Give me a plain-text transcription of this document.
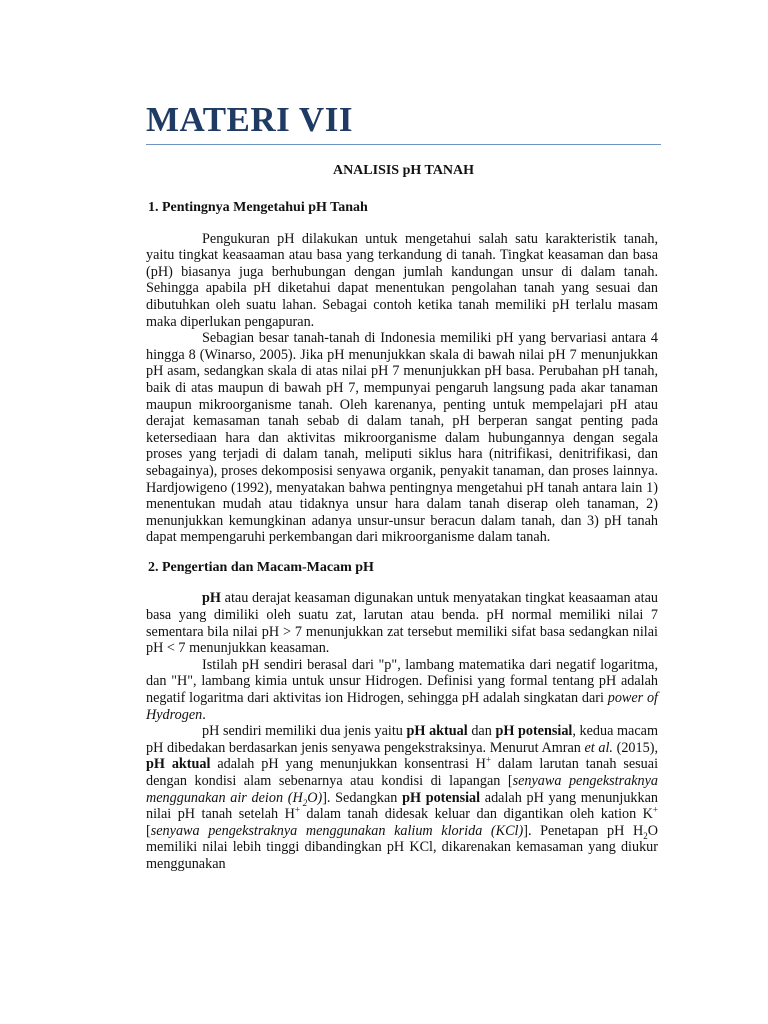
MATERI VII
ANALISIS pH TANAH
1. Pentingnya Mengetahui pH Tanah

Pengukuran pH dilakukan untuk mengetahui salah satu karakteristik tanah, yaitu tingkat keasaaman atau basa yang terkandung di tanah. Tingkat keasaman dan basa (pH) biasanya juga berhubungan dengan jumlah kandungan unsur di dalam tanah. Sehingga apabila pH diketahui dapat menentukan pengolahan tanah yang sesuai dan dibutuhkan oleh suatu lahan. Sebagai contoh ketika tanah memiliki pH terlalu masam maka diperlukan pengapuran.

Sebagian besar tanah-tanah di Indonesia memiliki pH yang bervariasi antara 4 hingga 8 (Winarso, 2005). Jika pH menunjukkan skala di bawah nilai pH 7 menunjukkan pH asam, sedangkan skala di atas nilai pH 7 menunjukkan pH basa. Perubahan pH tanah, baik di atas maupun di bawah pH 7, mempunyai pengaruh langsung pada akar tanaman maupun mikroorganisme tanah. Oleh karenanya, penting untuk mempelajari pH atau derajat kemasaman tanah sebab di dalam tanah, pH berperan sangat penting pada ketersediaan hara dan aktivitas mikroorganisme dalam hubungannya dengan segala proses yang terjadi di dalam tanah, meliputi siklus hara (nitrifikasi, denitrifikasi, dan sebagainya), proses dekomposisi senyawa organik, penyakit tanaman, dan proses lainnya. Hardjowigeno (1992), menyatakan bahwa pentingnya mengetahui pH tanah antara lain 1) menentukan mudah atau tidaknya unsur hara dalam tanah diserap oleh tanaman, 2) menunjukkan kemungkinan adanya unsur-unsur beracun dalam tanah, dan 3) pH tanah dapat mempengaruhi perkembangan dari mikroorganisme dalam tanah.

2. Pengertian dan Macam-Macam pH

pH atau derajat keasaman digunakan untuk menyatakan tingkat keasaaman atau basa yang dimiliki oleh suatu zat, larutan atau benda. pH normal memiliki nilai 7 sementara bila nilai pH > 7 menunjukkan zat tersebut memiliki sifat basa sedangkan nilai pH < 7 menunjukkan keasaman.

Istilah pH sendiri berasal dari "p", lambang matematika dari negatif logaritma, dan "H", lambang kimia untuk unsur Hidrogen. Definisi yang formal tentang pH adalah negatif logaritma dari aktivitas ion Hidrogen, sehingga pH adalah singkatan dari power of Hydrogen.

pH sendiri memiliki dua jenis yaitu pH aktual dan pH potensial, kedua macam pH dibedakan berdasarkan jenis senyawa pengekstraksinya. Menurut Amran et al. (2015), pH aktual adalah pH yang menunjukkan konsentrasi H+ dalam larutan tanah sesuai dengan kondisi alam sebenarnya atau kondisi di lapangan [senyawa pengekstraknya menggunakan air deion $(H_2O)$]. Sedangkan pH potensial adalah pH yang menunjukkan nilai pH tanah setelah H+ dalam tanah didesak keluar dan digantikan oleh kation K+ [senyawa pengekstraknya menggunakan kalium klorida (KCl)]. Penetapan pH $H_2O$ memiliki nilai lebih tinggi dibandingkan pH KCl, dikarenakan kemasaman yang diukur menggunakan
